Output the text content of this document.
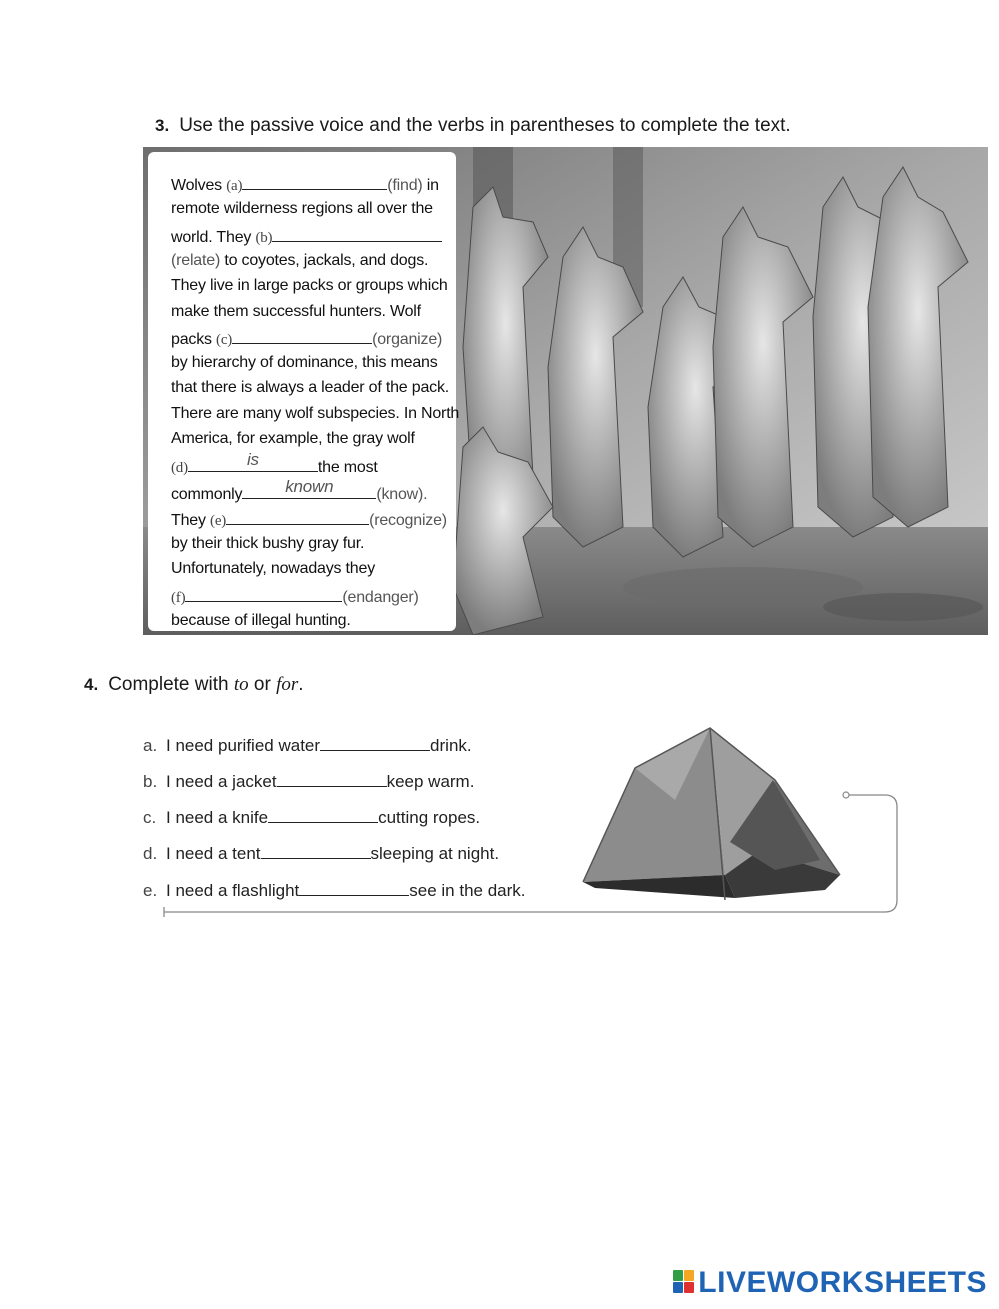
3. Use the passive voice and the verbs in parentheses to complete the text.
Wolves (a)	(find) in
remote wilderness regions all over the
world. They (b)
(relate) to coyotes, jackals, and dogs.
They live in large packs or groups which
make them successful hunters. Wolf
packs (c)	(organize)
by hierarchy of dominance, this means
that there is always a leader of the pack.
There are many wolf subspecies. In North
America, for example, the gray wolf
(d)	is	the most
commonly	known	(know).
They (e)	(recognize)
by their thick bushy gray fur.
Unfortunately, nowadays they
(f)	(endanger)
because of illegal hunting.
4. Complete with to or for.
a. I need purified water	drink.
b. I need a jacket	keep warm.
c. I need a knife	cutting ropes.
d. I need a tent	sleeping at night.
e. I need a flashlight	see in the dark.
LIVEWORKSHEETS
